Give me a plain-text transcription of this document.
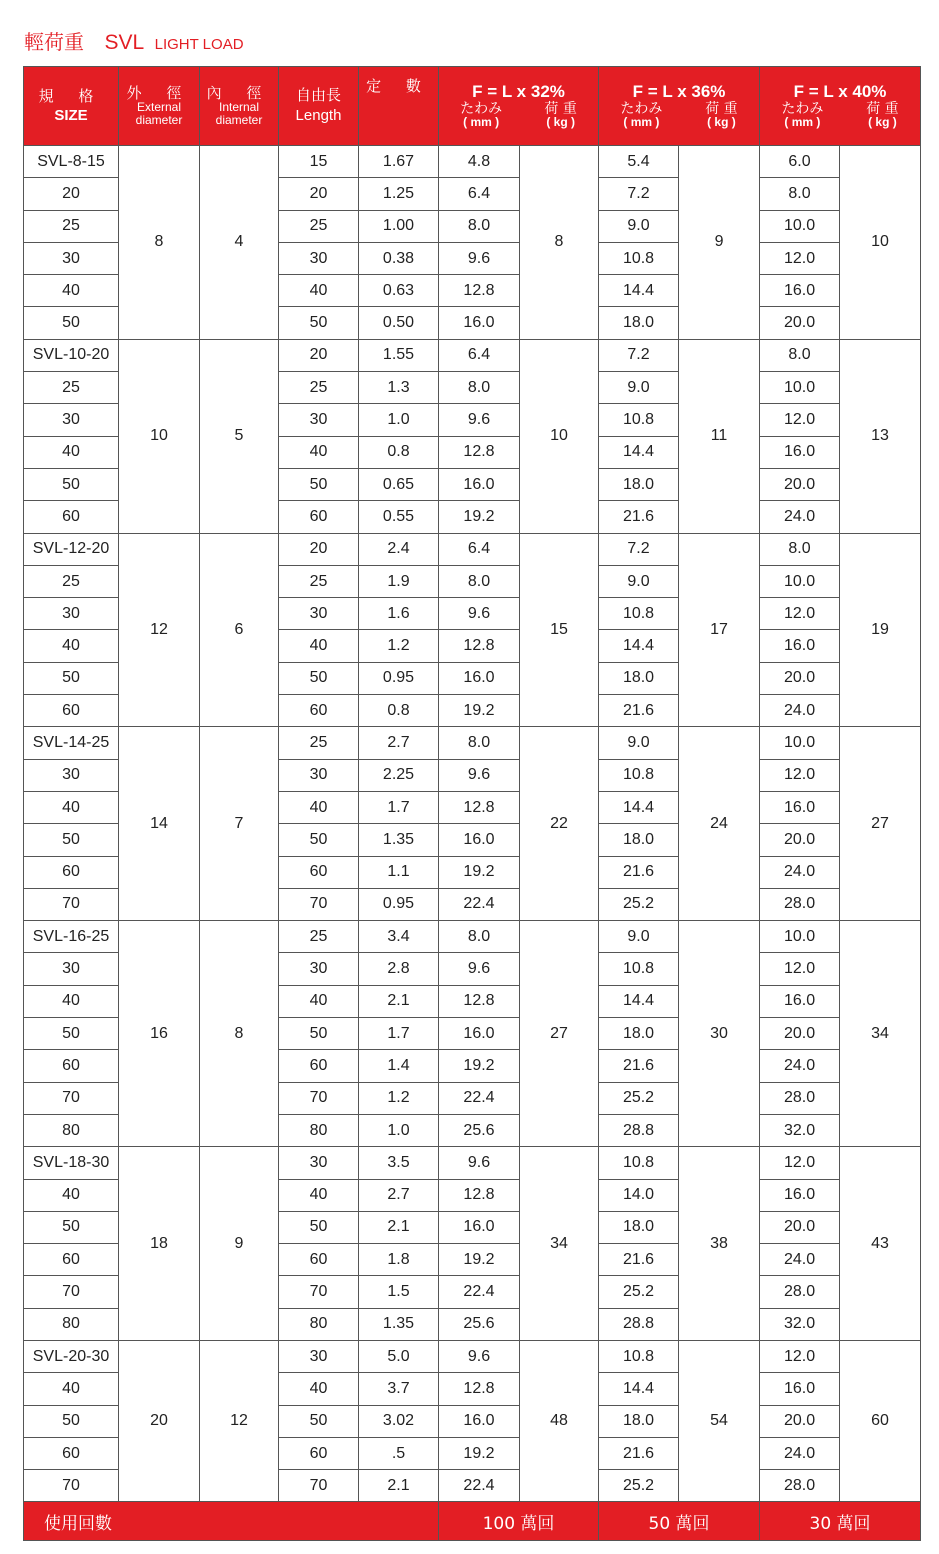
輕荷重 SVL LIGHT LOAD
規 格
SIZE	外 徑
External
diameter	內 徑
Internal
diameter	自由長
Length	定 數	F = L x 32%
たわみ
( mm )
荷 重
( kg )		F = L x 36%
たわみ
( mm )
荷 重
( kg )		F = L x 40%
たわみ
( mm )
荷 重
( kg )	

SVL-8-15	8	4	15	1.67	4.8	8	5.4	9	6.0	10
20			20	1.25	6.4		7.2		8.0	
25			25	1.00	8.0		9.0		10.0	
30			30	0.38	9.6		10.8		12.0	
40			40	0.63	12.8		14.4		16.0	
50			50	0.50	16.0		18.0		20.0	
SVL-10-20	10	5	20	1.55	6.4	10	7.2	11	8.0	13
25			25	1.3	8.0		9.0		10.0	
30			30	1.0	9.6		10.8		12.0	
40			40	0.8	12.8		14.4		16.0	
50			50	0.65	16.0		18.0		20.0	
60			60	0.55	19.2		21.6		24.0	
SVL-12-20	12	6	20	2.4	6.4	15	7.2	17	8.0	19
25			25	1.9	8.0		9.0		10.0	
30			30	1.6	9.6		10.8		12.0	
40			40	1.2	12.8		14.4		16.0	
50			50	0.95	16.0		18.0		20.0	
60			60	0.8	19.2		21.6		24.0	
SVL-14-25	14	7	25	2.7	8.0	22	9.0	24	10.0	27
30			30	2.25	9.6		10.8		12.0	
40			40	1.7	12.8		14.4		16.0	
50			50	1.35	16.0		18.0		20.0	
60			60	1.1	19.2		21.6		24.0	
70			70	0.95	22.4		25.2		28.0	
SVL-16-25	16	8	25	3.4	8.0	27	9.0	30	10.0	34
30			30	2.8	9.6		10.8		12.0	
40			40	2.1	12.8		14.4		16.0	
50			50	1.7	16.0		18.0		20.0	
60			60	1.4	19.2		21.6		24.0	
70			70	1.2	22.4		25.2		28.0	
80			80	1.0	25.6		28.8		32.0	
SVL-18-30	18	9	30	3.5	9.6	34	10.8	38	12.0	43
40			40	2.7	12.8		14.0		16.0	
50			50	2.1	16.0		18.0		20.0	
60			60	1.8	19.2		21.6		24.0	
70			70	1.5	22.4		25.2		28.0	
80			80	1.35	25.6		28.8		32.0	
SVL-20-30	20	12	30	5.0	9.6	48	10.8	54	12.0	60
40			40	3.7	12.8		14.4		16.0	
50			50	3.02	16.0		18.0		20.0	
60			60	.5	19.2		21.6		24.0	
70			70	2.1	22.4		25.2		28.0	
使用回數					100 萬回		50 萬回		30 萬回	
